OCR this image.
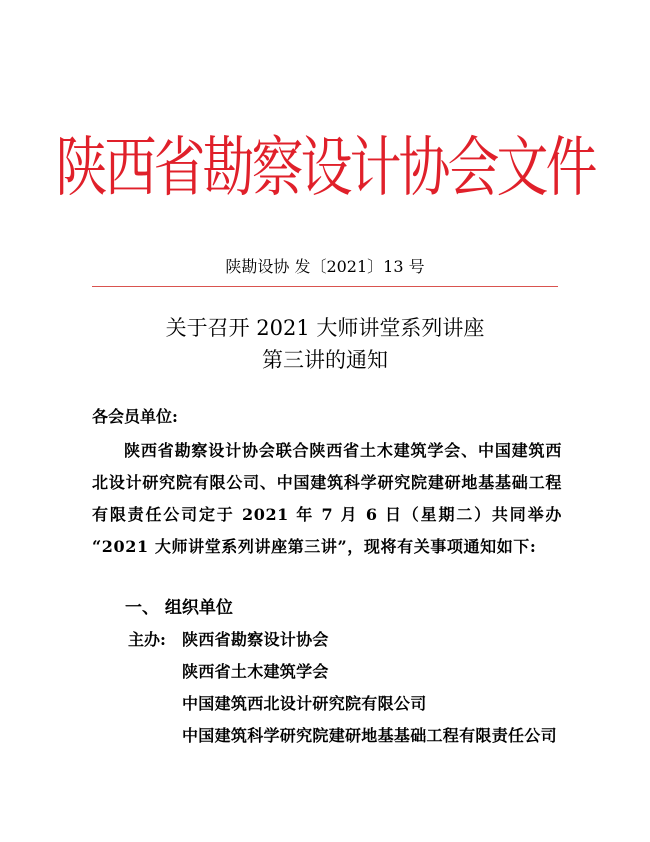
陕西省勘察设计协会文件
陕勘设协 发〔2021〕13 号
关于召开 2021 大师讲堂系列讲座
第三讲的通知
各会员单位:
陕西省勘察设计协会联合陕西省土木建筑学会、中国建筑西北设计研究院有限公司、中国建筑科学研究院建研地基基础工程有限责任公司定于 2021 年 7 月 6 日（星期二）共同举办 “2021 大师讲堂系列讲座第三讲”，现将有关事项通知如下:
一、 组织单位
主办: 陕西省勘察设计协会
陕西省土木建筑学会
中国建筑西北设计研究院有限公司
中国建筑科学研究院建研地基基础工程有限责任公司
